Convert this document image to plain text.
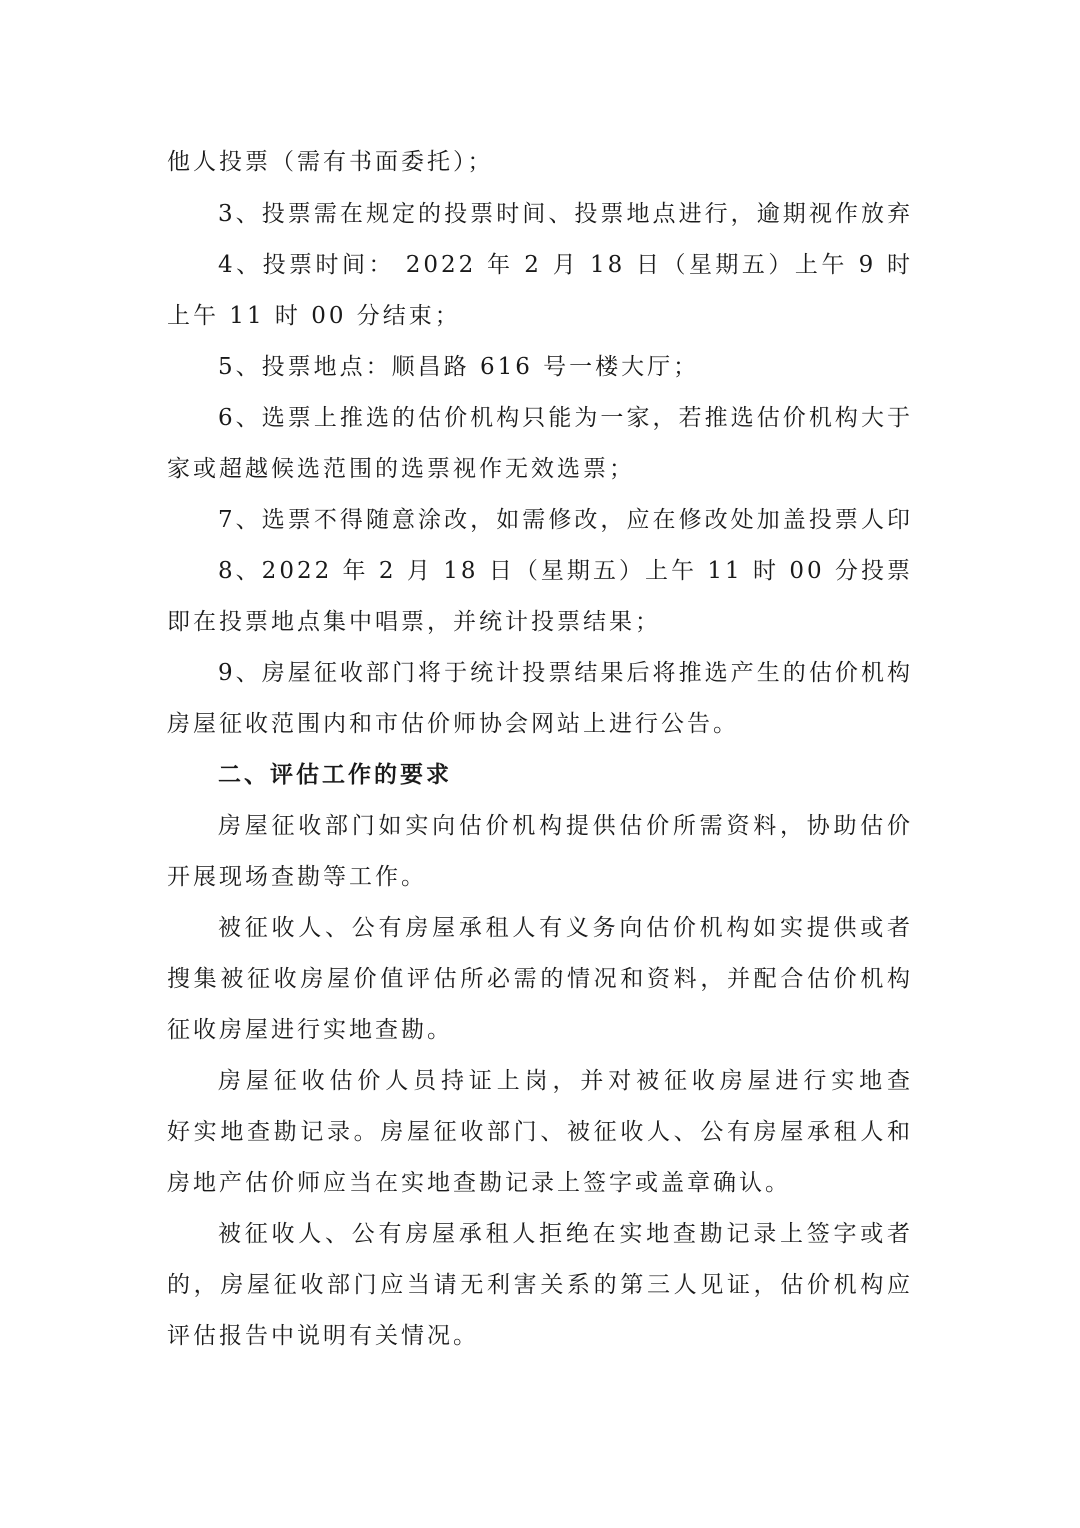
他人投票（需有书面委托）；

3、投票需在规定的投票时间、投票地点进行，逾期视作放弃

4、投票时间： 2022 年 2 月 18 日（星期五）上午 9 时

上午 11 时 00 分结束；

5、投票地点：顺昌路 616 号一楼大厅；

6、选票上推选的估价机构只能为一家，若推选估价机构大于

家或超越候选范围的选票视作无效选票；

7、选票不得随意涂改，如需修改，应在修改处加盖投票人印

8、2022 年 2 月 18 日（星期五）上午 11 时 00 分投票

即在投票地点集中唱票，并统计投票结果；

9、房屋征收部门将于统计投票结果后将推选产生的估价机构

房屋征收范围内和市估价师协会网站上进行公告。

二、评估工作的要求

房屋征收部门如实向估价机构提供估价所需资料，协助估价

开展现场查勘等工作。

被征收人、公有房屋承租人有义务向估价机构如实提供或者

搜集被征收房屋价值评估所必需的情况和资料，并配合估价机构

征收房屋进行实地查勘。

房屋征收估价人员持证上岗，并对被征收房屋进行实地查

好实地查勘记录。房屋征收部门、被征收人、公有房屋承租人和

房地产估价师应当在实地查勘记录上签字或盖章确认。

被征收人、公有房屋承租人拒绝在实地查勘记录上签字或者

的，房屋征收部门应当请无利害关系的第三人见证，估价机构应

评估报告中说明有关情况。
